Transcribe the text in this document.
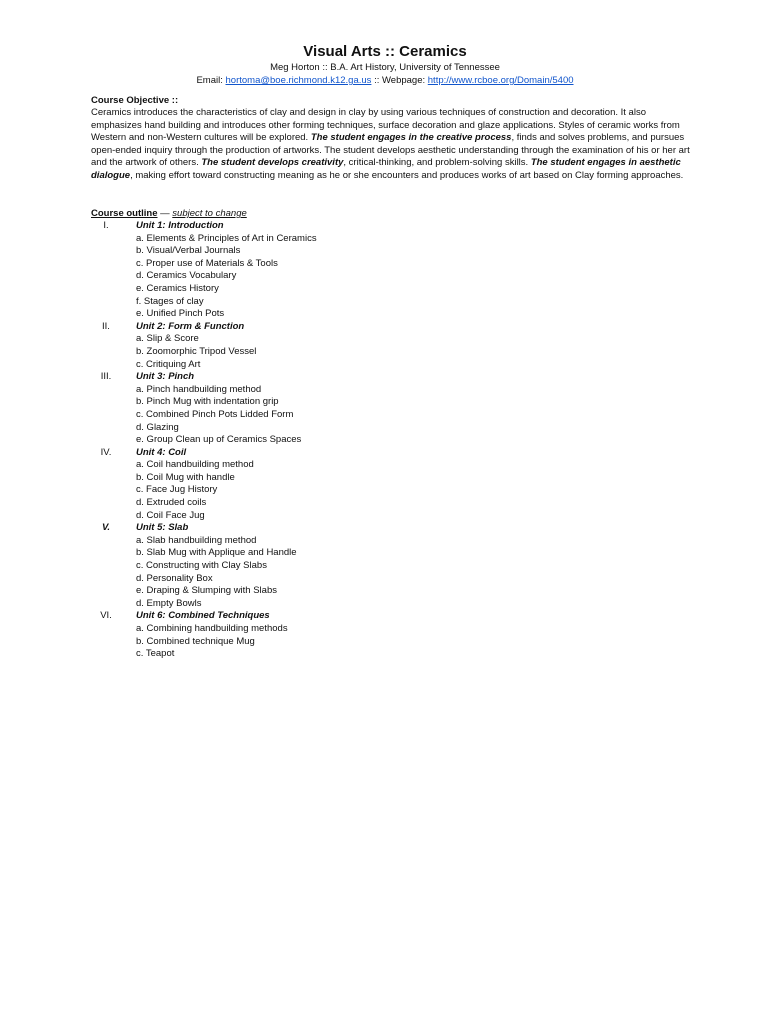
Visual Arts :: Ceramics
Meg Horton :: B.A. Art History, University of Tennessee
Email: hortoma@boe.richmond.k12.ga.us :: Webpage: http://www.rcboe.org/Domain/5400
Course Objective ::
Ceramics introduces the characteristics of clay and design in clay by using various techniques of construction and decoration. It also emphasizes hand building and introduces other forming techniques, surface decoration and glaze applications. Styles of ceramic works from Western and non-Western cultures will be explored. The student engages in the creative process, finds and solves problems, and pursues open-ended inquiry through the production of artworks. The student develops aesthetic understanding through the examination of his or her art and the artwork of others. The student develops creativity, critical-thinking, and problem-solving skills. The student engages in aesthetic dialogue, making effort toward constructing meaning as he or she encounters and produces works of art based on Clay forming approaches.
Course outline — subject to change
I.	Unit 1: Introduction
a. Elements & Principles of Art in Ceramics
b. Visual/Verbal Journals
c. Proper use of Materials & Tools
d. Ceramics Vocabulary
e. Ceramics History
f. Stages of clay
e. Unified Pinch Pots
II.	Unit 2: Form & Function
a. Slip & Score
b. Zoomorphic Tripod Vessel
c. Critiquing Art
III.	Unit 3: Pinch
a. Pinch handbuilding method
b. Pinch Mug with indentation grip
c. Combined Pinch Pots Lidded Form
d. Glazing
e. Group Clean up of Ceramics Spaces
IV.	Unit 4: Coil
a. Coil handbuilding method
b. Coil Mug with handle
c. Face Jug History
d. Extruded coils
d. Coil Face Jug
V.	Unit 5: Slab
a. Slab handbuilding method
b. Slab Mug with Applique and Handle
c. Constructing with Clay Slabs
d. Personality Box
e. Draping & Slumping with Slabs
d. Empty Bowls
VI.	Unit 6: Combined Techniques
a. Combining handbuilding methods
b. Combined technique Mug
c. Teapot
